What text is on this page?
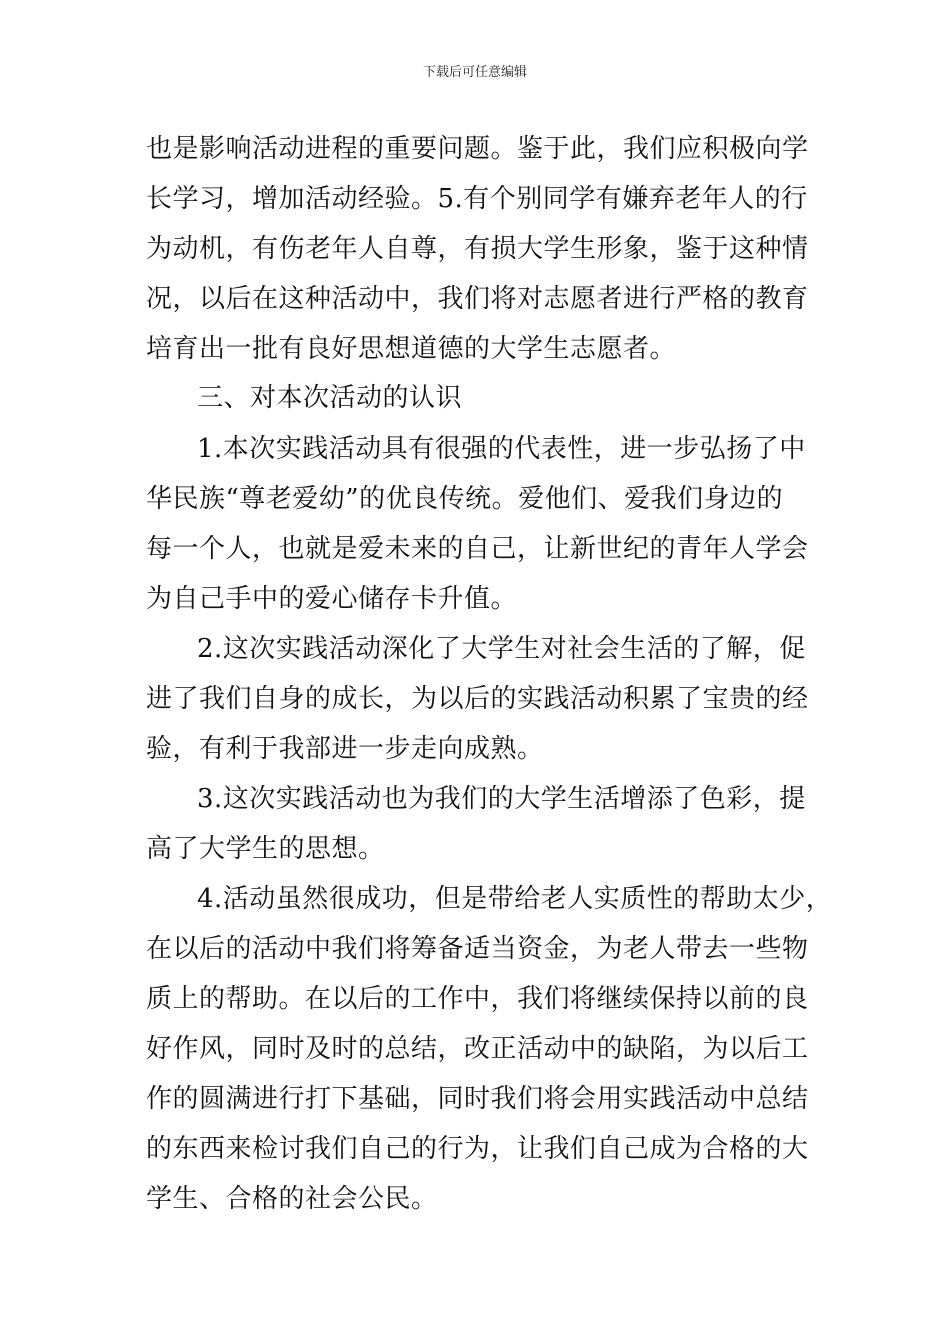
下载后可任意编辑
也是影响活动进程的重要问题。鉴于此，我们应积极向学
长学习，增加活动经验。5.有个别同学有嫌弃老年人的行
为动机，有伤老年人自尊，有损大学生形象，鉴于这种情
况，以后在这种活动中，我们将对志愿者进行严格的教育
培育出一批有良好思想道德的大学生志愿者。
三、对本次活动的认识
1.本次实践活动具有很强的代表性，进一步弘扬了中
华民族“尊老爱幼”的优良传统。爱他们、爱我们身边的
每一个人，也就是爱未来的自己，让新世纪的青年人学会
为自己手中的爱心储存卡升值。
2.这次实践活动深化了大学生对社会生活的了解，促
进了我们自身的成长，为以后的实践活动积累了宝贵的经
验，有利于我部进一步走向成熟。
3.这次实践活动也为我们的大学生活增添了色彩，提
高了大学生的思想。
4.活动虽然很成功，但是带给老人实质性的帮助太少，
在以后的活动中我们将筹备适当资金，为老人带去一些物
质上的帮助。在以后的工作中，我们将继续保持以前的良
好作风，同时及时的总结，改正活动中的缺陷，为以后工
作的圆满进行打下基础，同时我们将会用实践活动中总结
的东西来检讨我们自己的行为，让我们自己成为合格的大
学生、合格的社会公民。
